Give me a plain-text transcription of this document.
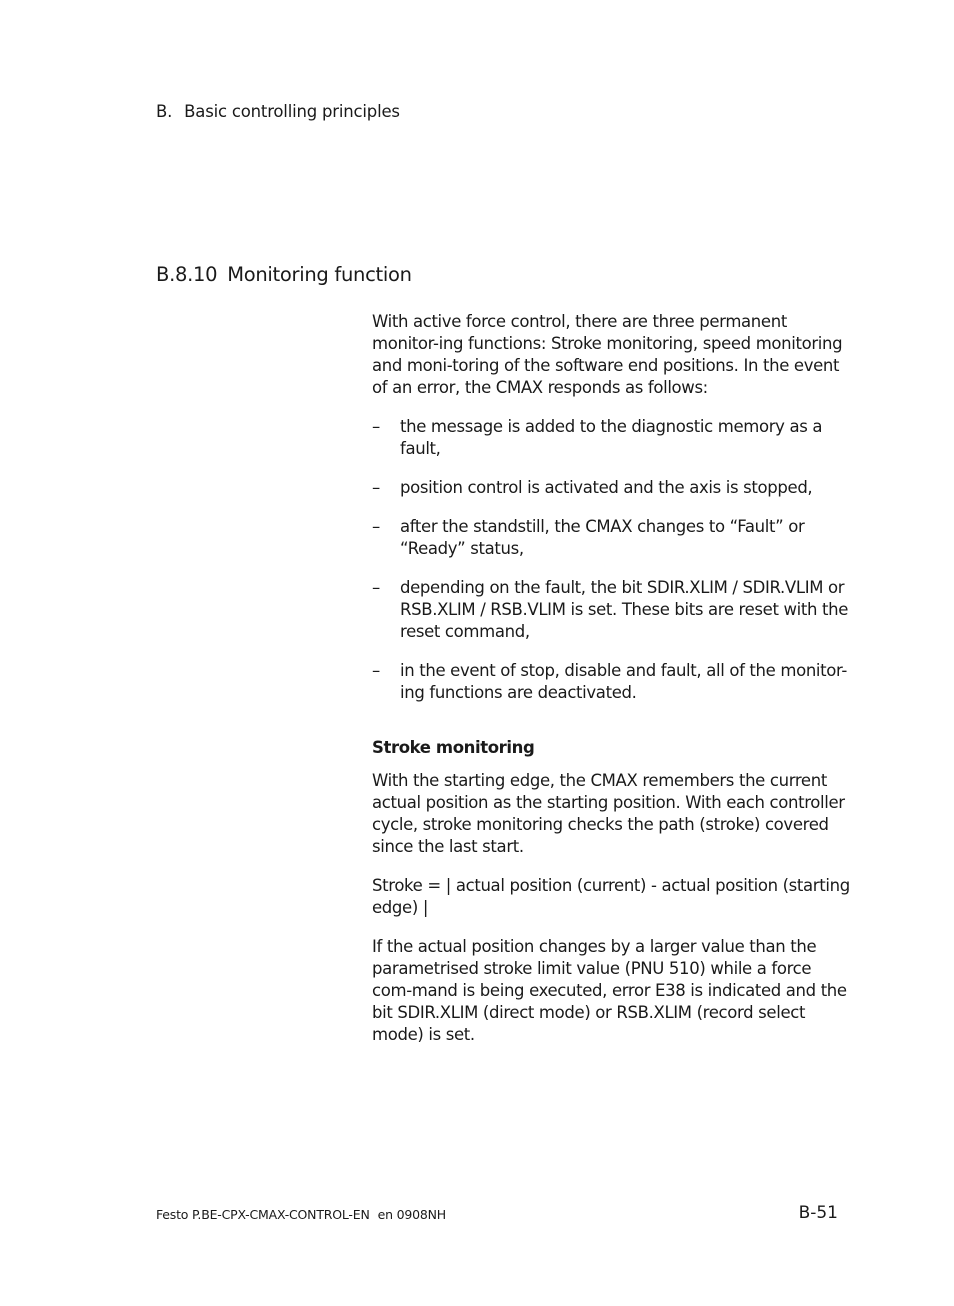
B. Basic controlling principles
B.8.10 Monitoring function

With active force control, there are three permanent monitor-ing functions: Stroke monitoring, speed monitoring and moni-toring of the software end positions. In the event of an error, the CMAX responds as follows:

– the message is added to the diagnostic memory as a fault,
– position control is activated and the axis is stopped,
– after the standstill, the CMAX changes to “Fault” or “Ready” status,
– depending on the fault, the bit SDIR.XLIM / SDIR.VLIM or RSB.XLIM / RSB.VLIM is set. These bits are reset with the reset command,
– in the event of stop, disable and fault, all of the monitor-ing functions are deactivated.
Stroke monitoring

With the starting edge, the CMAX remembers the current actual position as the starting position. With each controller cycle, stroke monitoring checks the path (stroke) covered since the last start.

Stroke = | actual position (current) - actual position (starting edge) |

If the actual position changes by a larger value than the parametrised stroke limit value (PNU 510) while a force com-mand is being executed, error E38 is indicated and the bit SDIR.XLIM (direct mode) or RSB.XLIM (record select mode) is set.

Festo P.BE-CPX-CMAX-CONTROL-EN en 0908NH	B-51
